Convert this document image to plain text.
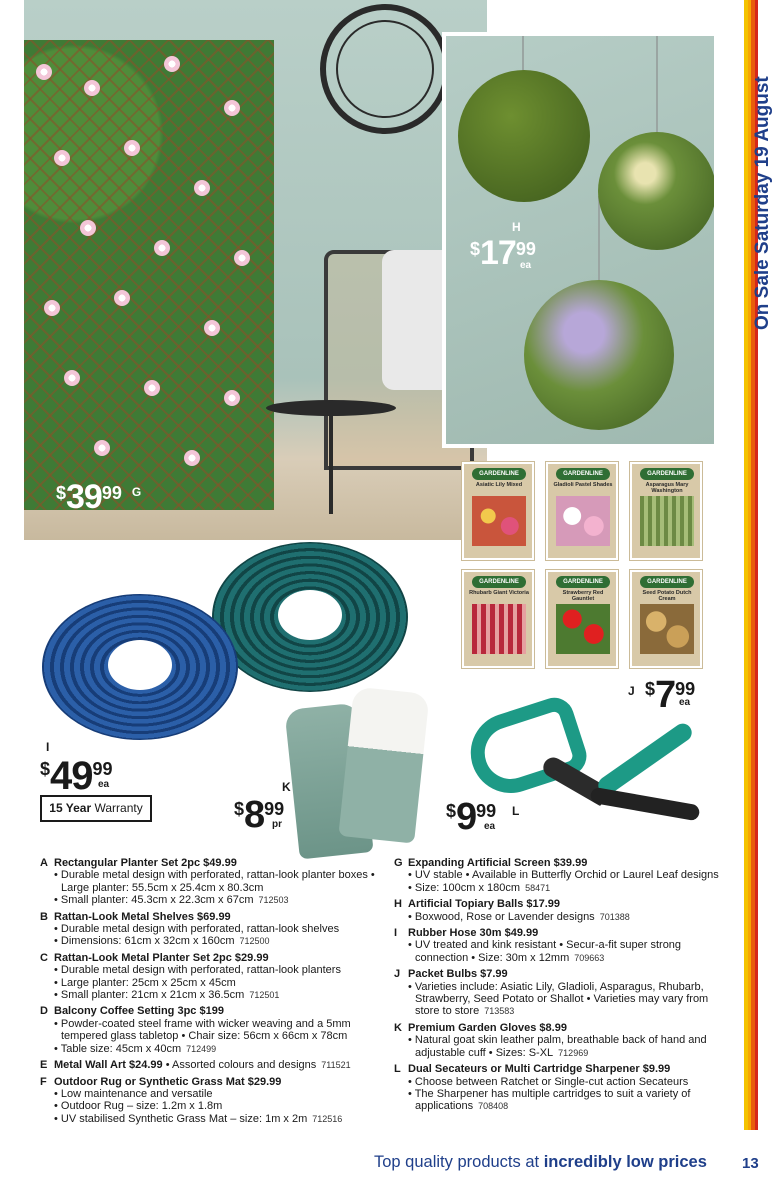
On Sale Saturday 19 August
$ 39 99 G
H
$ 17 99
ea
GARDENLINE
Asiatic Lily Mixed
GARDENLINE
Gladioli Pastel Shades
GARDENLINE
Asparagus Mary Washington
GARDENLINE
Rhubarb Giant Victoria
GARDENLINE
Strawberry Red Gauntlet
GARDENLINE
Seed Potato Dutch Cream
J $ 7 99
ea
I
$ 49 99
ea
15 Year Warranty
K
$ 8 99
pr
$ 9 99
ea
L
A Rectangular Planter Set 2pc $49.99
• Durable metal design with perforated, rattan-look planter boxes • Large planter: 55.5cm x 25.4cm x 80.3cm
• Small planter: 45.3cm x 22.3cm x 67cm 712503
B Rattan-Look Metal Shelves $69.99
• Durable metal design with perforated, rattan-look shelves
• Dimensions: 61cm x 32cm x 160cm 712500
C Rattan-Look Metal Planter Set 2pc $29.99
• Durable metal design with perforated, rattan-look planters
• Large planter: 25cm x 25cm x 45cm
• Small planter: 21cm x 21cm x 36.5cm 712501
D Balcony Coffee Setting 3pc $199
• Powder-coated steel frame with wicker weaving and a 5mm tempered glass tabletop • Chair size: 56cm x 66cm x 78cm
• Table size: 45cm x 40cm 712499
E Metal Wall Art $24.99 • Assorted colours and designs 711521
F Outdoor Rug or Synthetic Grass Mat $29.99
• Low maintenance and versatile
• Outdoor Rug – size: 1.2m x 1.8m
• UV stabilised Synthetic Grass Mat – size: 1m x 2m 712516
G Expanding Artificial Screen $39.99
• UV stable • Available in Butterfly Orchid or Laurel Leaf designs
• Size: 100cm x 180cm 58471
H Artificial Topiary Balls $17.99
• Boxwood, Rose or Lavender designs 701388
I Rubber Hose 30m $49.99
• UV treated and kink resistant • Secur-a-fit super strong connection • Size: 30m x 12mm 709663
J Packet Bulbs $7.99
• Varieties include: Asiatic Lily, Gladioli, Asparagus, Rhubarb, Strawberry, Seed Potato or Shallot • Varieties may vary from store to store 713583
K Premium Garden Gloves $8.99
• Natural goat skin leather palm, breathable back of hand and adjustable cuff • Sizes: S-XL 712969
L Dual Secateurs or Multi Cartridge Sharpener $9.99
• Choose between Ratchet or Single-cut action Secateurs
• The Sharpener has multiple cartridges to suit a variety of applications 708408
Top quality products at incredibly low prices 13
